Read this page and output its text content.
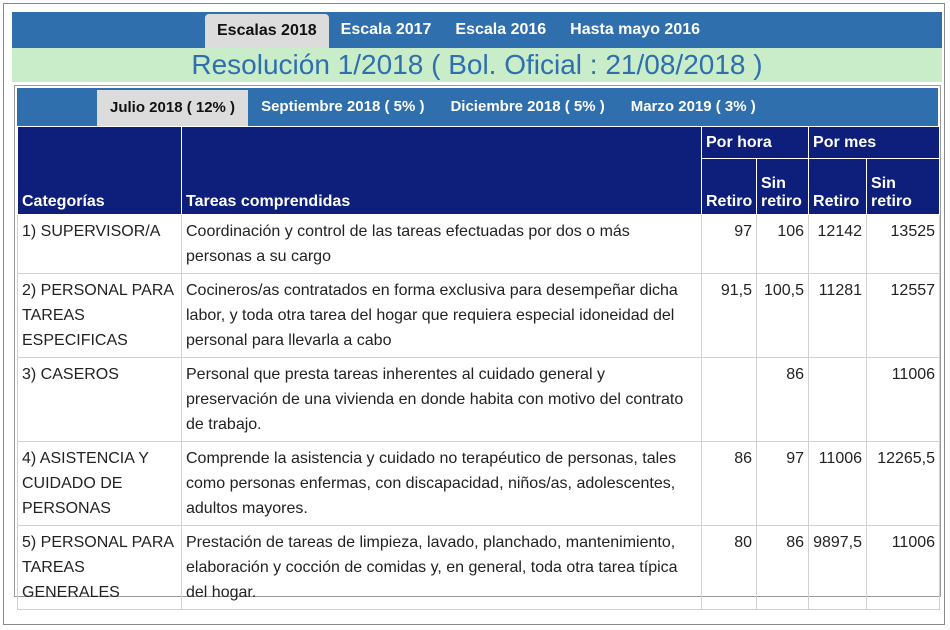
Escalas 2018	Escala 2017	Escala 2016	Hasta mayo 2016
Resolución 1/2018 ( Bol. Oficial : 21/08/2018 )
Julio 2018 ( 12% )	Septiembre 2018 ( 5% )	Diciembre 2018 ( 5% )	Marzo 2019 ( 3% )
Categorías	Tareas comprendidas	Por hora		Por mes	
		Retiro	Sin retiro	Retiro	Sin retiro
1) SUPERVISOR/A	Coordinación y control de las tareas efectuadas por dos o más personas a su cargo	97	106	12142	13525
2) PERSONAL PARA TAREAS ESPECIFICAS	Cocineros/as contratados en forma exclusiva para desempeñar dicha labor, y toda otra tarea del hogar que requiera especial idoneidad del personal para llevarla a cabo	91,5	100,5	11281	12557
3) CASEROS	Personal que presta tareas inherentes al cuidado general y preservación de una vivienda en donde habita con motivo del contrato de trabajo.		86		11006
4) ASISTENCIA Y CUIDADO DE PERSONAS	Comprende la asistencia y cuidado no terapéutico de personas, tales como personas enfermas, con discapacidad, niños/as, adolescentes, adultos mayores.	86	97	11006	12265,5
5) PERSONAL PARA TAREAS GENERALES	Prestación de tareas de limpieza, lavado, planchado, mantenimiento, elaboración y cocción de comidas y, en general, toda otra tarea típica del hogar.	80	86	9897,5	11006
